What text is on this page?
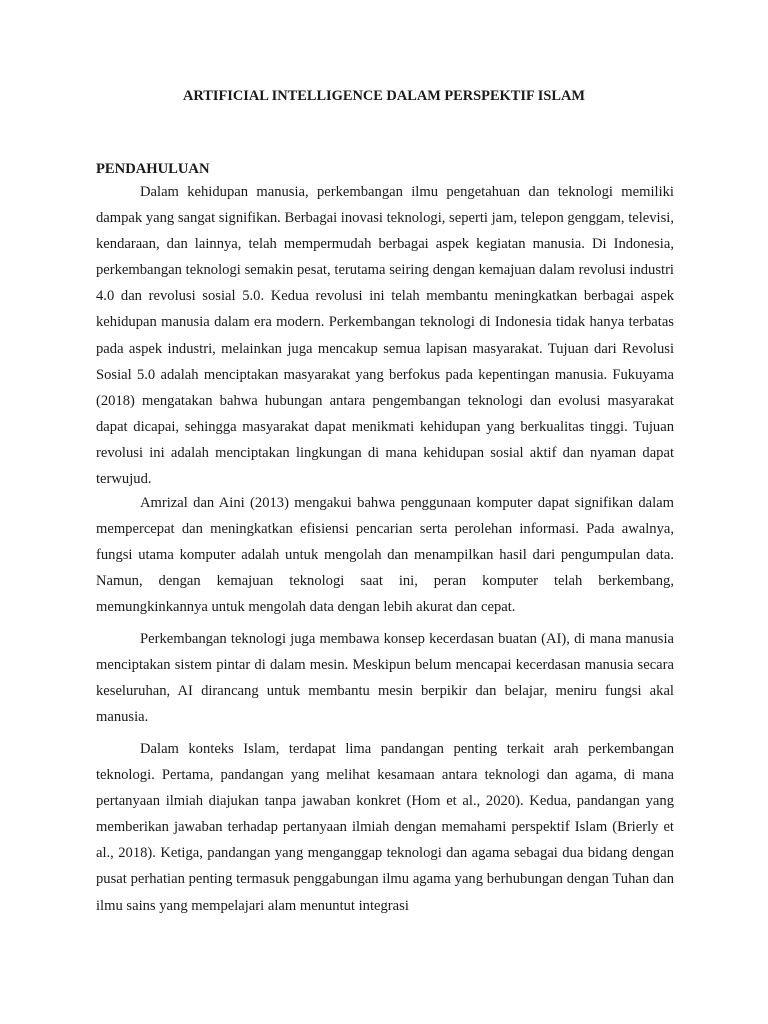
ARTIFICIAL INTELLIGENCE DALAM PERSPEKTIF ISLAM
PENDAHULUAN

Dalam kehidupan manusia, perkembangan ilmu pengetahuan dan teknologi memiliki dampak yang sangat signifikan. Berbagai inovasi teknologi, seperti jam, telepon genggam, televisi, kendaraan, dan lainnya, telah mempermudah berbagai aspek kegiatan manusia. Di Indonesia, perkembangan teknologi semakin pesat, terutama seiring dengan kemajuan dalam revolusi industri 4.0 dan revolusi sosial 5.0. Kedua revolusi ini telah membantu meningkatkan berbagai aspek kehidupan manusia dalam era modern. Perkembangan teknologi di Indonesia tidak hanya terbatas pada aspek industri, melainkan juga mencakup semua lapisan masyarakat. Tujuan dari Revolusi Sosial 5.0 adalah menciptakan masyarakat yang berfokus pada kepentingan manusia. Fukuyama (2018) mengatakan bahwa hubungan antara pengembangan teknologi dan evolusi masyarakat dapat dicapai, sehingga masyarakat dapat menikmati kehidupan yang berkualitas tinggi. Tujuan revolusi ini adalah menciptakan lingkungan di mana kehidupan sosial aktif dan nyaman dapat terwujud.

Amrizal dan Aini (2013) mengakui bahwa penggunaan komputer dapat signifikan dalam mempercepat dan meningkatkan efisiensi pencarian serta perolehan informasi. Pada awalnya, fungsi utama komputer adalah untuk mengolah dan menampilkan hasil dari pengumpulan data. Namun, dengan kemajuan teknologi saat ini, peran komputer telah berkembang, memungkinkannya untuk mengolah data dengan lebih akurat dan cepat.

Perkembangan teknologi juga membawa konsep kecerdasan buatan (AI), di mana manusia menciptakan sistem pintar di dalam mesin. Meskipun belum mencapai kecerdasan manusia secara keseluruhan, AI dirancang untuk membantu mesin berpikir dan belajar, meniru fungsi akal manusia.

Dalam konteks Islam, terdapat lima pandangan penting terkait arah perkembangan teknologi. Pertama, pandangan yang melihat kesamaan antara teknologi dan agama, di mana pertanyaan ilmiah diajukan tanpa jawaban konkret (Hom et al., 2020). Kedua, pandangan yang memberikan jawaban terhadap pertanyaan ilmiah dengan memahami perspektif Islam (Brierly et al., 2018). Ketiga, pandangan yang menganggap teknologi dan agama sebagai dua bidang dengan pusat perhatian penting termasuk penggabungan ilmu agama yang berhubungan dengan Tuhan dan ilmu sains yang mempelajari alam menuntut integrasi
